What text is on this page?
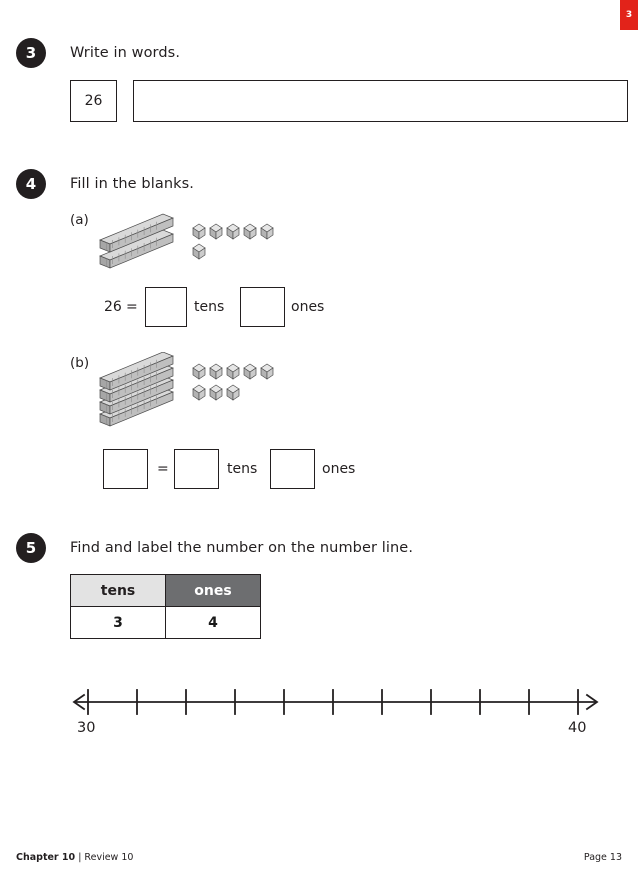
3
3	Write in words.
26
4	Fill in the blanks.
(a)
26 =	tens	ones
(b)
=	tens	ones
5	Find and label the number on the number line.
tens	ones
3	4
30	40
Chapter 10 | Review 10	Page 13
